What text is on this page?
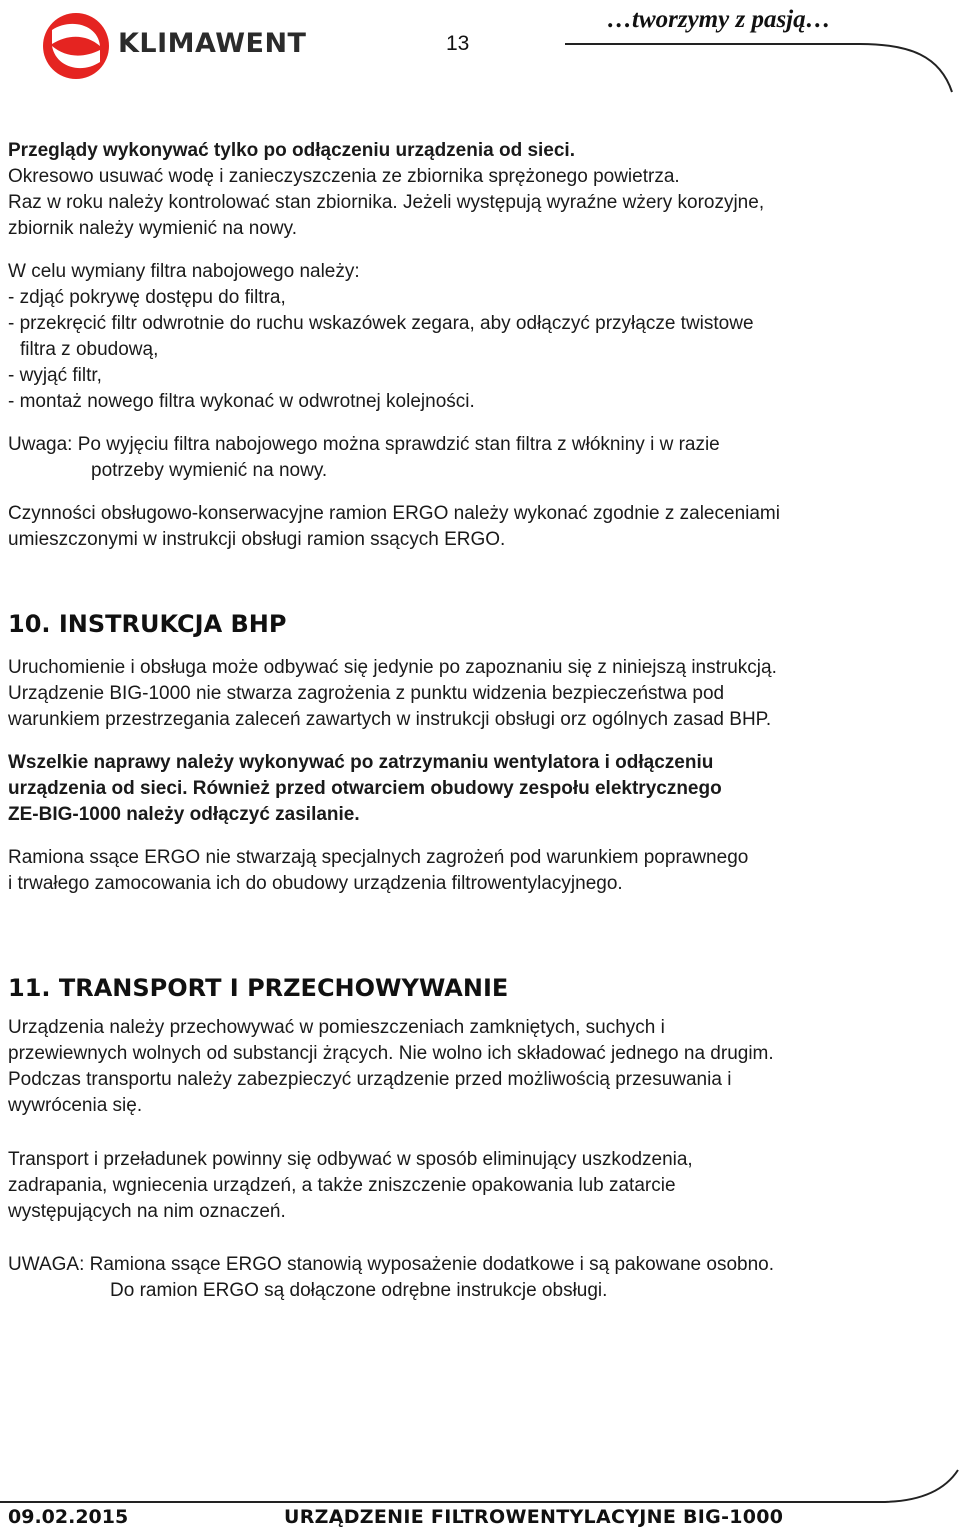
KLIMAWENT	13
…tworzymy z pasją…

Przeglądy wykonywać tylko po odłączeniu urządzenia od sieci.

Okresowo usuwać wodę i zanieczyszczenia ze zbiornika sprężonego powietrza.

Raz w roku należy kontrolować stan zbiornika. Jeżeli występują wyraźne wżery korozyjne,

zbiornik należy wymienić na nowy.

W celu wymiany filtra nabojowego należy:

- zdjąć pokrywę dostępu do filtra,

- przekręcić filtr odwrotnie do ruchu wskazówek zegara, aby odłączyć przyłącze twistowe

filtra z obudową,

- wyjąć filtr,

- montaż nowego filtra wykonać w odwrotnej kolejności.

Uwaga: Po wyjęciu filtra nabojowego można sprawdzić stan filtra z włókniny i w razie

potrzeby wymienić na nowy.

Czynności obsługowo-konserwacyjne ramion ERGO należy wykonać zgodnie z zaleceniami

umieszczonymi w instrukcji obsługi ramion ssących ERGO.

10. INSTRUKCJA BHP

Uruchomienie i obsługa może odbywać się jedynie po zapoznaniu się z niniejszą instrukcją.

Urządzenie BIG-1000 nie stwarza zagrożenia z punktu widzenia bezpieczeństwa pod

warunkiem przestrzegania zaleceń zawartych w instrukcji obsługi orz ogólnych zasad BHP.

Wszelkie naprawy należy wykonywać po zatrzymaniu wentylatora i odłączeniu

urządzenia od sieci. Również przed otwarciem obudowy zespołu elektrycznego

ZE-BIG-1000 należy odłączyć zasilanie.

Ramiona ssące ERGO nie stwarzają specjalnych zagrożeń pod warunkiem poprawnego

i trwałego zamocowania ich do obudowy urządzenia filtrowentylacyjnego.

11. TRANSPORT I PRZECHOWYWANIE

Urządzenia należy przechowywać w pomieszczeniach zamkniętych, suchych i

przewiewnych wolnych od substancji żrących. Nie wolno ich składować jednego na drugim.

Podczas transportu należy zabezpieczyć urządzenie przed możliwością przesuwania i

wywrócenia się.

Transport i przeładunek powinny się odbywać w sposób eliminujący uszkodzenia,

zadrapania, wgniecenia urządzeń, a także zniszczenie opakowania lub zatarcie

występujących na nim oznaczeń.

UWAGA: Ramiona ssące ERGO stanowią wyposażenie dodatkowe i są pakowane osobno.

Do ramion ERGO są dołączone odrębne instrukcje obsługi.

09.02.2015	URZĄDZENIE FILTROWENTYLACYJNE BIG-1000
